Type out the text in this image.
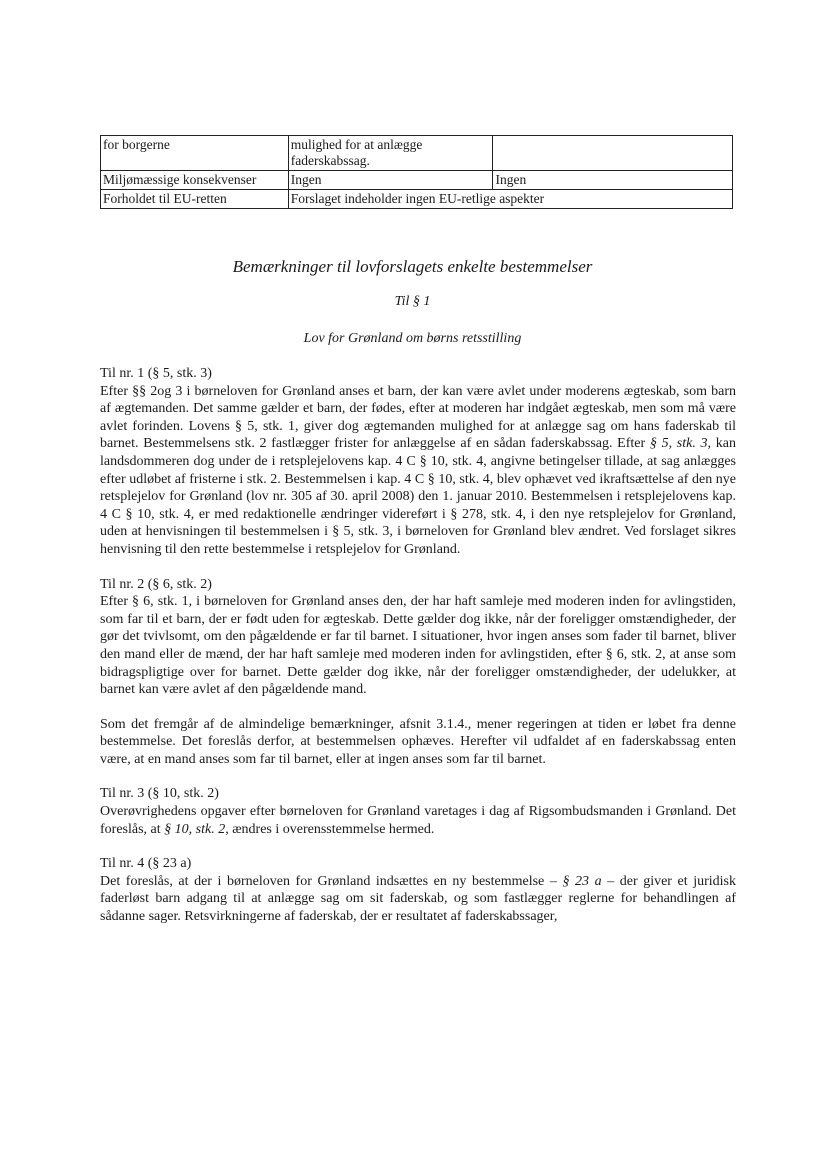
for borgerne	mulighed for at anlægge faderskabssag.	
Miljømæssige konsekvenser	Ingen	Ingen
Forholdet til EU-retten	Forslaget indeholder ingen EU-retlige aspekter	
Bemærkninger til lovforslagets enkelte bestemmelser
Til § 1
Lov for Grønland om børns retsstilling

Til nr. 1 (§ 5, stk. 3)

Efter §§ 2og 3 i børneloven for Grønland anses et barn, der kan være avlet under moderens ægteskab, som barn af ægtemanden. Det samme gælder et barn, der fødes, efter at moderen har indgået ægteskab, men som må være avlet forinden. Lovens § 5, stk. 1, giver dog ægtemanden mulighed for at anlægge sag om hans faderskab til barnet. Bestemmelsens stk. 2 fastlægger frister for anlæggelse af en sådan faderskabssag. Efter § 5, stk. 3, kan landsdommeren dog under de i retsplejelovens kap. 4 C § 10, stk. 4, angivne betingelser tillade, at sag anlægges efter udløbet af fristerne i stk. 2. Bestemmelsen i kap. 4 C § 10, stk. 4, blev ophævet ved ikraftsættelse af den nye retsplejelov for Grønland (lov nr. 305 af 30. april 2008) den 1. januar 2010. Bestemmelsen i retsplejelovens kap. 4 C § 10, stk. 4, er med redaktionelle ændringer videreført i § 278, stk. 4, i den nye retsplejelov for Grønland, uden at henvisningen til bestemmelsen i § 5, stk. 3, i børneloven for Grønland blev ændret. Ved forslaget sikres henvisning til den rette bestemmelse i retsplejelov for Grønland.

Til nr. 2 (§ 6, stk. 2)

Efter § 6, stk. 1, i børneloven for Grønland anses den, der har haft samleje med moderen inden for avlingstiden, som far til et barn, der er født uden for ægteskab. Dette gælder dog ikke, når der foreligger omstændigheder, der gør det tvivlsomt, om den pågældende er far til barnet. I situationer, hvor ingen anses som fader til barnet, bliver den mand eller de mænd, der har haft samleje med moderen inden for avlingstiden, efter § 6, stk. 2, at anse som bidragspligtige over for barnet. Dette gælder dog ikke, når der foreligger omstændigheder, der udelukker, at barnet kan være avlet af den pågældende mand.

Som det fremgår af de almindelige bemærkninger, afsnit 3.1.4., mener regeringen at tiden er løbet fra denne bestemmelse. Det foreslås derfor, at bestemmelsen ophæves. Herefter vil udfaldet af en faderskabssag enten være, at en mand anses som far til barnet, eller at ingen anses som far til barnet.

Til nr. 3 (§ 10, stk. 2)

Overøvrighedens opgaver efter børneloven for Grønland varetages i dag af Rigsombudsmanden i Grønland. Det foreslås, at § 10, stk. 2, ændres i overensstemmelse hermed.

Til nr. 4 (§ 23 a)

Det foreslås, at der i børneloven for Grønland indsættes en ny bestemmelse – § 23 a – der giver et juridisk faderløst barn adgang til at anlægge sag om sit faderskab, og som fastlægger reglerne for behandlingen af sådanne sager. Retsvirkningerne af faderskab, der er resultatet af faderskabssager,
